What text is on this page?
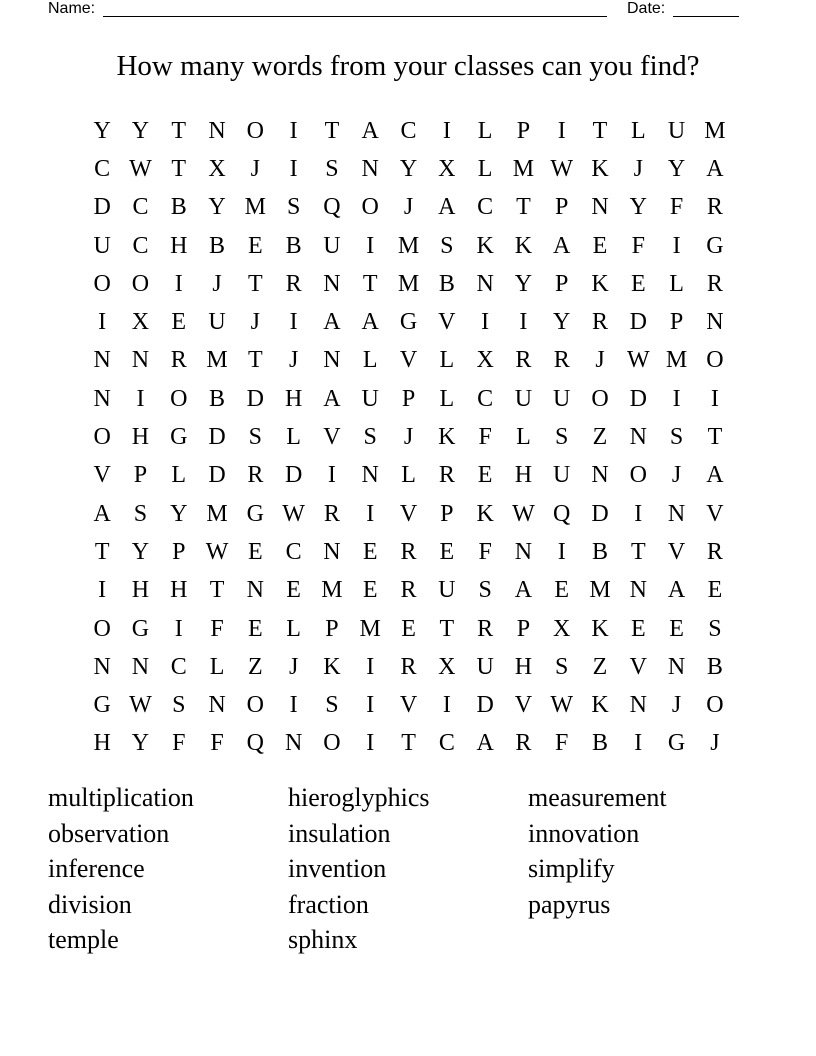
Name:	Date:
How many words from your classes can you find?
Y Y T N O	I	T A C	I	L	P	I	T L U M
C W T X	J	I	S N Y X L M W K	J	Y A
D C B Y M S Q O	J	A C T	P N Y F R
U C H B E B U	I M S K K A E	F	I	G
O O	I	J	T R N T M B N Y P K E L R
I	X E U	J	I	A A G V	I	I	Y R D P N
N N R M T	J	N L V L X R R	J W M O
N	I	O B D H A U P	L C U U O D	I	I
O H G D S	L V S	J	K F	L	S	Z N S	T
V P	L D R D	I	N L R E H U N O	J	A
A S Y M G W R	I	V P K W Q D	I	N V
T Y P W E C N E R E	F N	I	B T V R
I	H H T N E M E R U S A E M N A E
O G	I	F	E L	P M E T R P X K E E	S
N N C L Z	J	K	I	R X U H S	Z V N B
G W S N O	I	S	I	V	I	D V W K N	J	O
H Y F	F Q N O	I	T C A R F B	I	G	J
multiplication
observation
inference
division
temple
hieroglyphics
insulation
invention
fraction
sphinx
measurement
innovation
simplify
papyrus
